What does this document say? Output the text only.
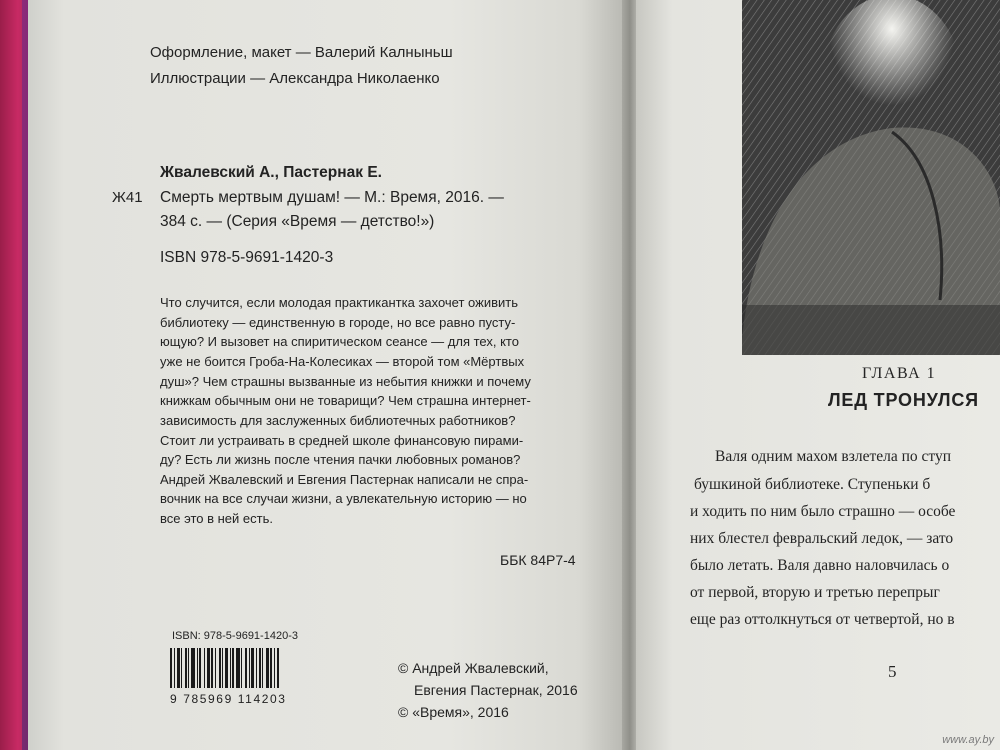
Оформление, макет — Валерий Калныньш
Иллюстрации — Александра Николаенко
Жвалевский А., Пастернак Е.
Ж41 Смерть мертвым душам! — М.: Время, 2016. —
384 с. — (Серия «Время — детство!»)
ISBN 978-5-9691-1420-3
Что случится, если молодая практикантка захочет оживить
библиотеку — единственную в городе, но все равно пусту-
ющую? И вызовет на спиритическом сеансе — для тех, кто
уже не боится Гроба-На-Колесиках — второй том «Мёртвых
душ»? Чем страшны вызванные из небытия книжки и почему
книжкам обычным они не товарищи? Чем страшна интернет-
зависимость для заслуженных библиотечных работников?
Стоит ли устраивать в средней школе финансовую пирами-
ду? Есть ли жизнь после чтения пачки любовных романов?
Андрей Жвалевский и Евгения Пастернак написали не спра-
вочник на все случаи жизни, а увлекательную историю — но
все это в ней есть.
ББК 84Р7-4
ISBN: 978-5-9691-1420-3
9 785969 114203
© Андрей Жвалевский,
Евгения Пастернак, 2016
© «Время», 2016
ГЛАВА 1
ЛЕД ТРОНУЛСЯ
Валя одним махом взлетела по ступ
бушкиной библиотеке. Ступеньки б
и ходить по ним было страшно — особе
них блестел февральский ледок, — зато
было летать. Валя давно наловчилась о
от первой, вторую и третью перепрыг
еще раз оттолкнуться от четвертой, но в
5
www.ay.by
